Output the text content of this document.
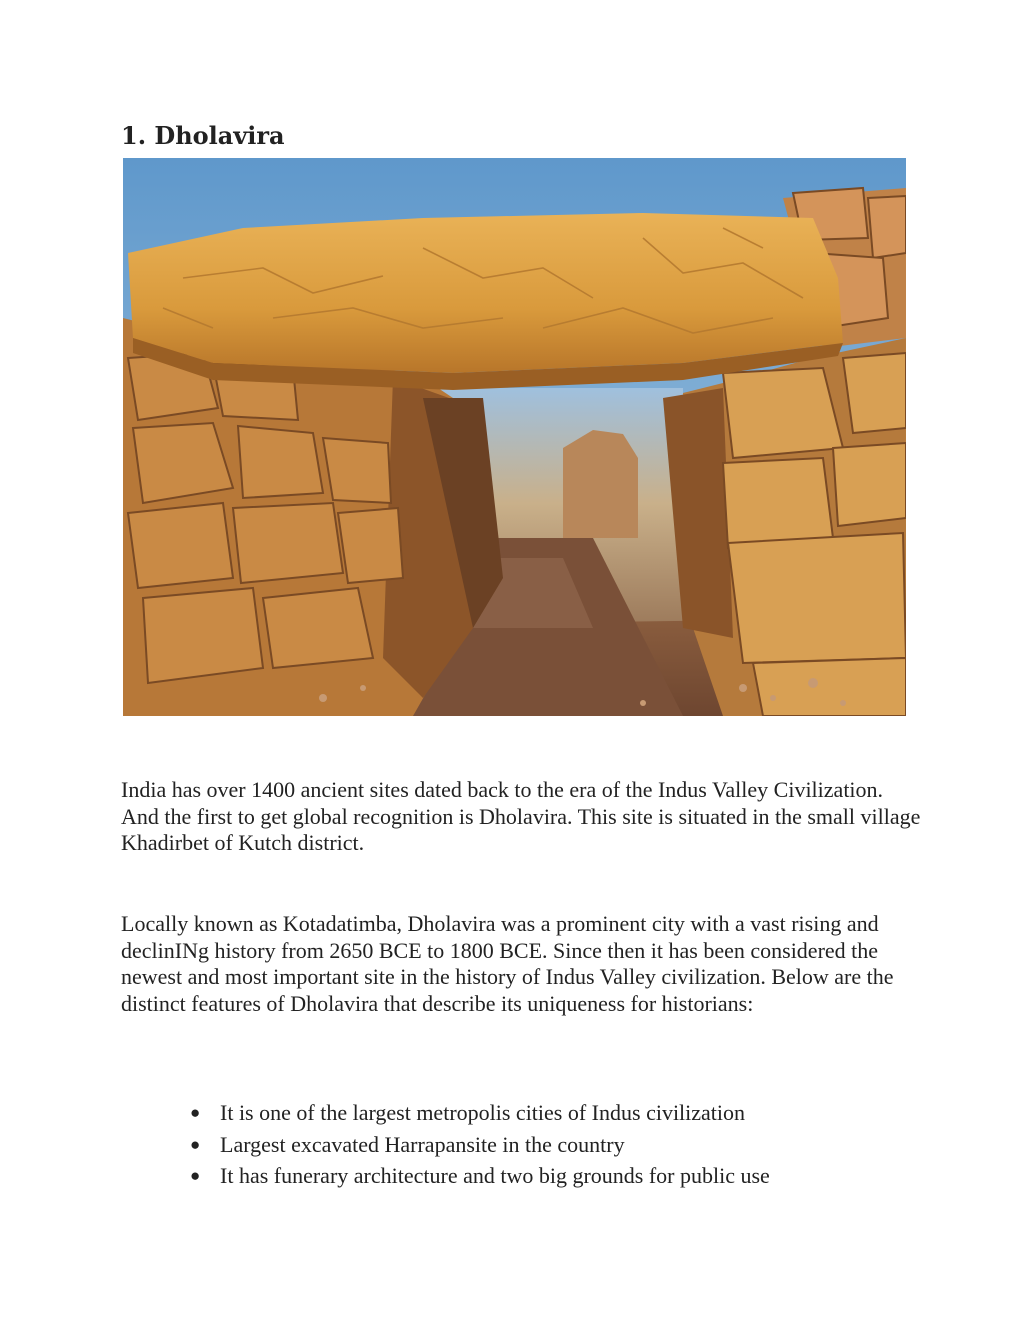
1. Dholavira

India has over 1400 ancient sites dated back to the era of the Indus Valley Civilization. And the first to get global recognition is Dholavira. This site is situated in the small village Khadirbet of Kutch district.

Locally known as Kotadatimba, Dholavira was a prominent city with a vast rising and declinINg history from 2650 BCE to 1800 BCE. Since then it has been considered the newest and most important site in the history of Indus Valley civilization. Below are the distinct features of Dholavira that describe its uniqueness for historians:

● It is one of the largest metropolis cities of Indus civilization
● Largest excavated Harrapansite in the country
● It has funerary architecture and two big grounds for public use
